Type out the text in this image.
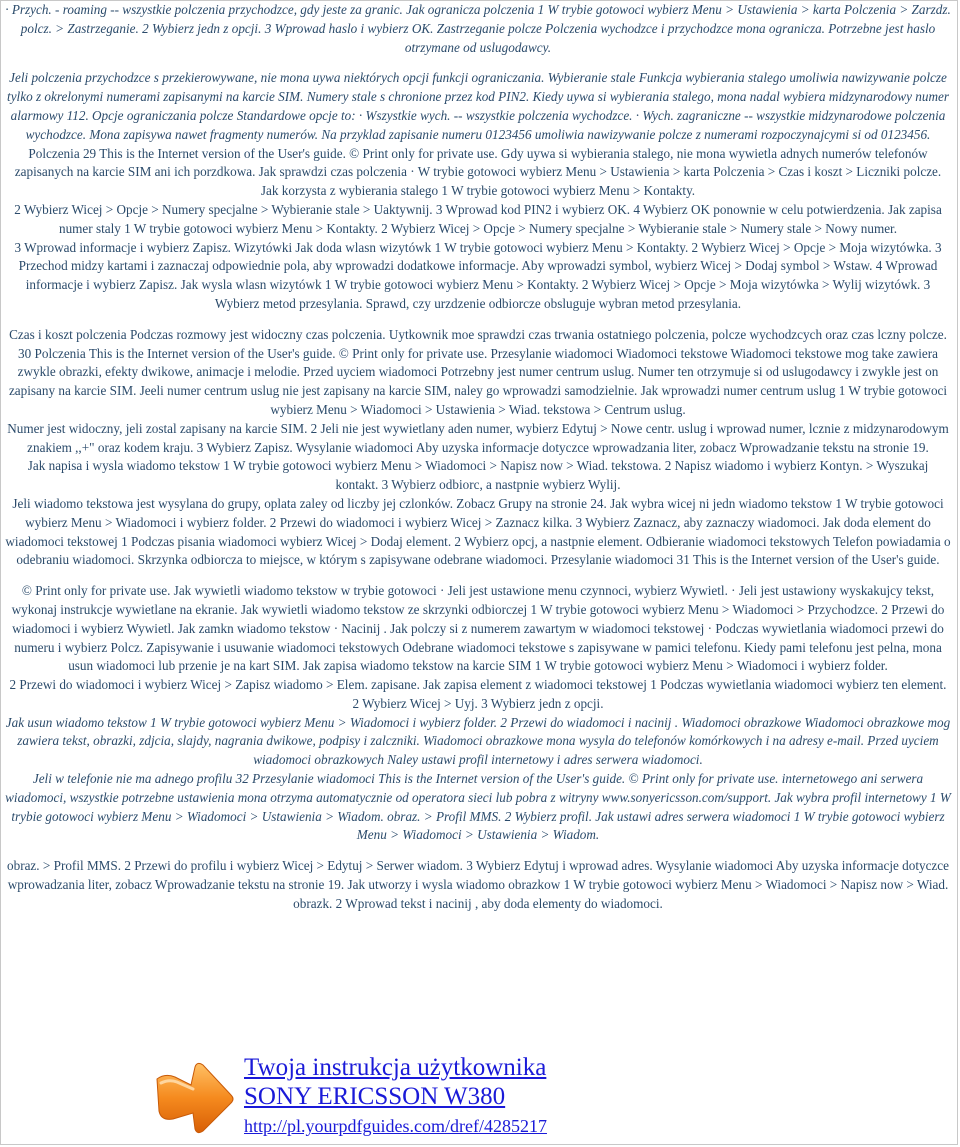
· Przych. - roaming -- wszystkie polczenia przychodzce, gdy jeste za granic. Jak ogranicza polczenia 1 W trybie gotowoci wybierz Menu > Ustawienia > karta Polczenia > Zarzdz. polcz. > Zastrzeganie. 2 Wybierz jedn z opcji. 3 Wprowad haslo i wybierz OK. Zastrzeganie polcze Polczenia wychodzce i przychodzce mona ogranicza. Potrzebne jest haslo otrzymane od uslugodawcy.

Jeli polczenia przychodzce s przekierowywane, nie mona uywa niektórych opcji funkcji ograniczania. Wybieranie stale Funkcja wybierania stalego umoliwia nawizywanie polcze tylko z okrelonymi numerami zapisanymi na karcie SIM. Numery stale s chronione przez kod PIN2. Kiedy uywa si wybierania stalego, mona nadal wybiera midzynarodowy numer alarmowy 112. Opcje ograniczania polcze Standardowe opcje to: · Wszystkie wych. -- wszystkie polczenia wychodzce. · Wych. zagraniczne -- wszystkie midzynarodowe polczenia wychodzce. Mona zapisywa nawet fragmenty numerów. Na przyklad zapisanie numeru 0123456 umoliwia nawizywanie polcze z numerami rozpoczynajcymi si od 0123456.

Polczenia 29 This is the Internet version of the User's guide. © Print only for private use. Gdy uywa si wybierania stalego, nie mona wywietla adnych numerów telefonów zapisanych na karcie SIM ani ich porzdkowa. Jak sprawdzi czas polczenia · W trybie gotowoci wybierz Menu > Ustawienia > karta Polczenia > Czas i koszt > Liczniki polcze. Jak korzysta z wybierania stalego 1 W trybie gotowoci wybierz Menu > Kontakty.

2 Wybierz Wicej > Opcje > Numery specjalne > Wybieranie stale > Uaktywnij. 3 Wprowad kod PIN2 i wybierz OK. 4 Wybierz OK ponownie w celu potwierdzenia. Jak zapisa numer staly 1 W trybie gotowoci wybierz Menu > Kontakty. 2 Wybierz Wicej > Opcje > Numery specjalne > Wybieranie stale > Numery stale > Nowy numer.

3 Wprowad informacje i wybierz Zapisz. Wizytówki Jak doda wlasn wizytówk 1 W trybie gotowoci wybierz Menu > Kontakty. 2 Wybierz Wicej > Opcje > Moja wizytówka. 3 Przechod midzy kartami i zaznaczaj odpowiednie pola, aby wprowadzi dodatkowe informacje. Aby wprowadzi symbol, wybierz Wicej > Dodaj symbol > Wstaw. 4 Wprowad informacje i wybierz Zapisz. Jak wysla wlasn wizytówk 1 W trybie gotowoci wybierz Menu > Kontakty. 2 Wybierz Wicej > Opcje > Moja wizytówka > Wylij wizytówk. 3 Wybierz metod przesylania. Sprawd, czy urzdzenie odbiorcze obsluguje wybran metod przesylania.

Czas i koszt polczenia Podczas rozmowy jest widoczny czas polczenia. Uytkownik moe sprawdzi czas trwania ostatniego polczenia, polcze wychodzcych oraz czas lczny polcze. 30 Polczenia This is the Internet version of the User's guide. © Print only for private use. Przesylanie wiadomoci Wiadomoci tekstowe Wiadomoci tekstowe mog take zawiera zwykle obrazki, efekty dwikowe, animacje i melodie. Przed uyciem wiadomoci Potrzebny jest numer centrum uslug. Numer ten otrzymuje si od uslugodawcy i zwykle jest on zapisany na karcie SIM. Jeeli numer centrum uslug nie jest zapisany na karcie SIM, naley go wprowadzi samodzielnie. Jak wprowadzi numer centrum uslug 1 W trybie gotowoci wybierz Menu > Wiadomoci > Ustawienia > Wiad. tekstowa > Centrum uslug.

Numer jest widoczny, jeli zostal zapisany na karcie SIM. 2 Jeli nie jest wywietlany aden numer, wybierz Edytuj > Nowe centr. uslug i wprowad numer, lcznie z midzynarodowym znakiem ,,+" oraz kodem kraju. 3 Wybierz Zapisz. Wysylanie wiadomoci Aby uzyska informacje dotyczce wprowadzania liter, zobacz Wprowadzanie tekstu na stronie 19.

Jak napisa i wysla wiadomo tekstow 1 W trybie gotowoci wybierz Menu > Wiadomoci > Napisz now > Wiad. tekstowa. 2 Napisz wiadomo i wybierz Kontyn. > Wyszukaj kontakt. 3 Wybierz odbiorc, a nastpnie wybierz Wylij.

Jeli wiadomo tekstowa jest wysylana do grupy, oplata zaley od liczby jej czlonków. Zobacz Grupy na stronie 24. Jak wybra wicej ni jedn wiadomo tekstow 1 W trybie gotowoci wybierz Menu > Wiadomoci i wybierz folder. 2 Przewi do wiadomoci i wybierz Wicej > Zaznacz kilka. 3 Wybierz Zaznacz, aby zaznaczy wiadomoci. Jak doda element do wiadomoci tekstowej 1 Podczas pisania wiadomoci wybierz Wicej > Dodaj element. 2 Wybierz opcj, a nastpnie element. Odbieranie wiadomoci tekstowych Telefon powiadamia o odebraniu wiadomoci. Skrzynka odbiorcza to miejsce, w którym s zapisywane odebrane wiadomoci. Przesylanie wiadomoci 31 This is the Internet version of the User's guide.

© Print only for private use. Jak wywietli wiadomo tekstow w trybie gotowoci · Jeli jest ustawione menu czynnoci, wybierz Wywietl. · Jeli jest ustawiony wyskakujcy tekst, wykonaj instrukcje wywietlane na ekranie. Jak wywietli wiadomo tekstow ze skrzynki odbiorczej 1 W trybie gotowoci wybierz Menu > Wiadomoci > Przychodzce. 2 Przewi do wiadomoci i wybierz Wywietl. Jak zamkn wiadomo tekstow · Nacinij . Jak polczy si z numerem zawartym w wiadomoci tekstowej · Podczas wywietlania wiadomoci przewi do numeru i wybierz Polcz. Zapisywanie i usuwanie wiadomoci tekstowych Odebrane wiadomoci tekstowe s zapisywane w pamici telefonu. Kiedy pami telefonu jest pelna, mona usun wiadomoci lub przenie je na kart SIM. Jak zapisa wiadomo tekstow na karcie SIM 1 W trybie gotowoci wybierz Menu > Wiadomoci i wybierz folder.

2 Przewi do wiadomoci i wybierz Wicej > Zapisz wiadomo > Elem. zapisane. Jak zapisa element z wiadomoci tekstowej 1 Podczas wywietlania wiadomoci wybierz ten element. 2 Wybierz Wicej > Uyj. 3 Wybierz jedn z opcji.

Jak usun wiadomo tekstow 1 W trybie gotowoci wybierz Menu > Wiadomoci i wybierz folder. 2 Przewi do wiadomoci i nacinij . Wiadomoci obrazkowe Wiadomoci obrazkowe mog zawiera tekst, obrazki, zdjcia, slajdy, nagrania dwikowe, podpisy i zalczniki. Wiadomoci obrazkowe mona wysyla do telefonów komórkowych i na adresy e-mail. Przed uyciem wiadomoci obrazkowych Naley ustawi profil internetowy i adres serwera wiadomoci.

Jeli w telefonie nie ma adnego profilu 32 Przesylanie wiadomoci This is the Internet version of the User's guide. © Print only for private use. internetowego ani serwera wiadomoci, wszystkie potrzebne ustawienia mona otrzyma automatycznie od operatora sieci lub pobra z witryny www.sonyericsson.com/support. Jak wybra profil internetowy 1 W trybie gotowoci wybierz Menu > Wiadomoci > Ustawienia > Wiadom. obraz. > Profil MMS. 2 Wybierz profil. Jak ustawi adres serwera wiadomoci 1 W trybie gotowoci wybierz Menu > Wiadomoci > Ustawienia > Wiadom.

obraz. > Profil MMS. 2 Przewi do profilu i wybierz Wicej > Edytuj > Serwer wiadom. 3 Wybierz Edytuj i wprowad adres. Wysylanie wiadomoci Aby uzyska informacje dotyczce wprowadzania liter, zobacz Wprowadzanie tekstu na stronie 19. Jak utworzy i wysla wiadomo obrazkow 1 W trybie gotowoci wybierz Menu > Wiadomoci > Napisz now > Wiad. obrazk. 2 Wprowad tekst i nacinij , aby doda elementy do wiadomoci.

Twoja instrukcja użytkownika
SONY ERICSSON W380
http://pl.yourpdfguides.com/dref/4285217
